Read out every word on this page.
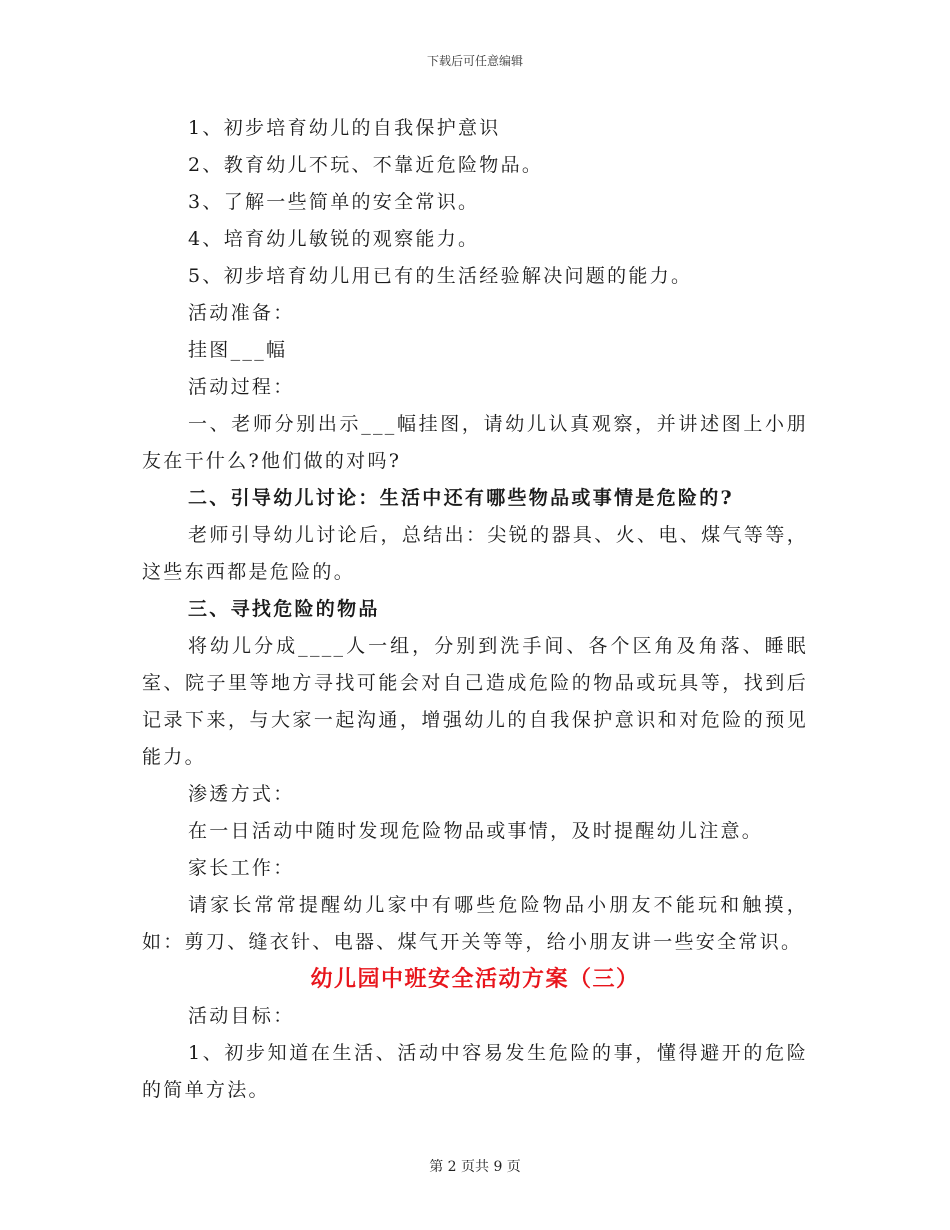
下载后可任意编辑
1、初步培育幼儿的自我保护意识
2、教育幼儿不玩、不靠近危险物品。
3、了解一些简单的安全常识。
4、培育幼儿敏锐的观察能力。
5、初步培育幼儿用已有的生活经验解决问题的能力。
活动准备：
挂图___幅
活动过程：
一、老师分别出示___幅挂图，请幼儿认真观察，并讲述图上小朋友在干什么?他们做的对吗?
二、引导幼儿讨论：生活中还有哪些物品或事情是危险的?
老师引导幼儿讨论后，总结出：尖锐的器具、火、电、煤气等等，这些东西都是危险的。
三、寻找危险的物品
将幼儿分成____人一组，分别到洗手间、各个区角及角落、睡眠室、院子里等地方寻找可能会对自己造成危险的物品或玩具等，找到后记录下来，与大家一起沟通，增强幼儿的自我保护意识和对危险的预见能力。
渗透方式：
在一日活动中随时发现危险物品或事情，及时提醒幼儿注意。
家长工作：
请家长常常提醒幼儿家中有哪些危险物品小朋友不能玩和触摸，如：剪刀、缝衣针、电器、煤气开关等等，给小朋友讲一些安全常识。
幼儿园中班安全活动方案（三）
活动目标：
1、初步知道在生活、活动中容易发生危险的事，懂得避开的危险的简单方法。
第 2 页共 9 页
